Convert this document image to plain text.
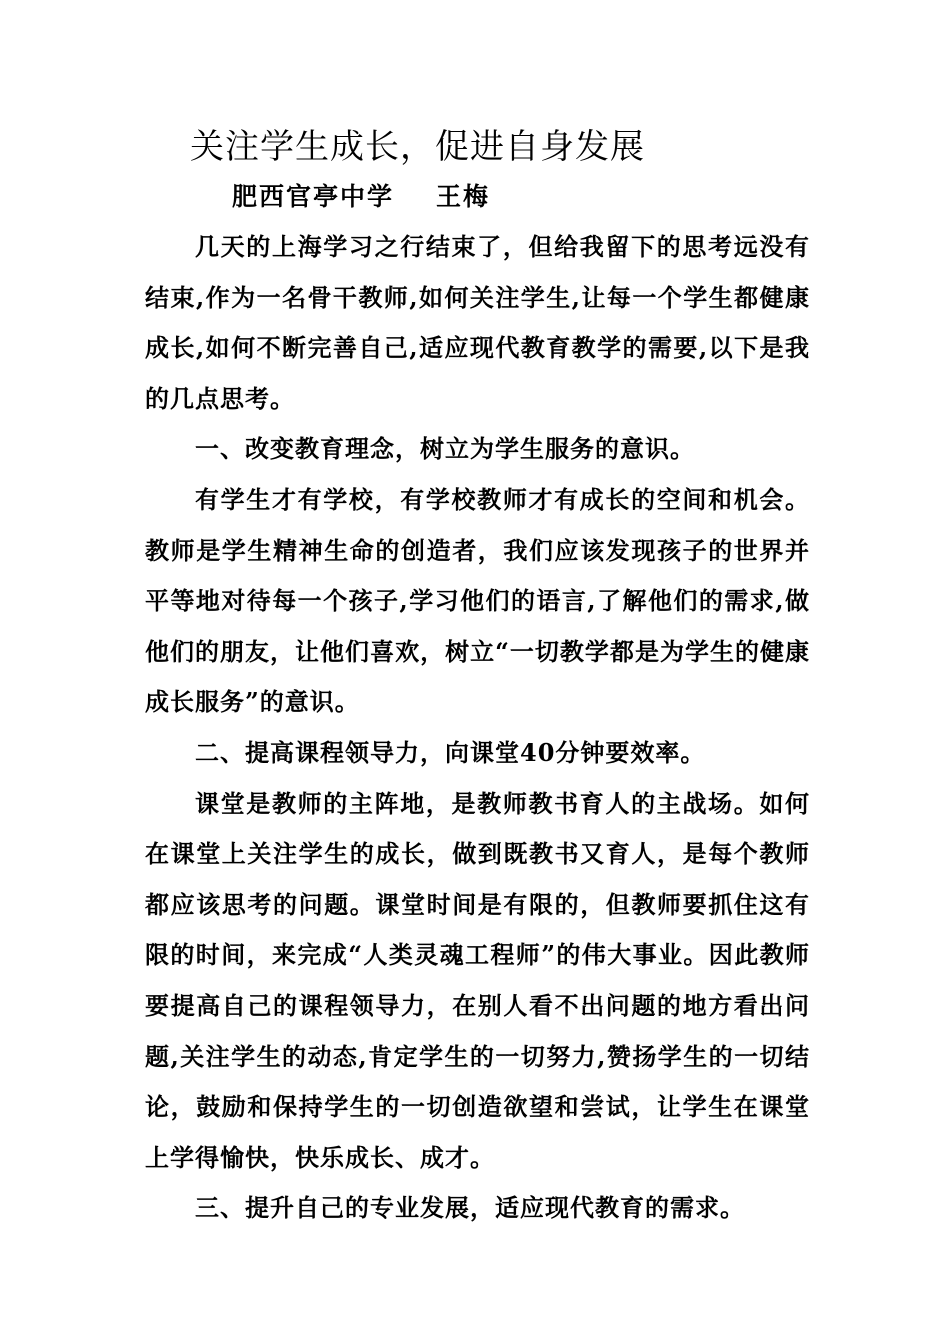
关注学生成长，促进自身发展
肥西官亭中学 王梅

几天的上海学习之行结束了，但给我留下的思考远没有结束,作为一名骨干教师,如何关注学生,让每一个学生都健康成长,如何不断完善自己,适应现代教育教学的需要,以下是我的几点思考。

一、改变教育理念，树立为学生服务的意识。

有学生才有学校，有学校教师才有成长的空间和机会。教师是学生精神生命的创造者，我们应该发现孩子的世界并平等地对待每一个孩子,学习他们的语言,了解他们的需求,做他们的朋友，让他们喜欢，树立“一切教学都是为学生的健康成长服务”的意识。

二、提高课程领导力，向课堂40分钟要效率。

课堂是教师的主阵地，是教师教书育人的主战场。如何在课堂上关注学生的成长，做到既教书又育人，是每个教师都应该思考的问题。课堂时间是有限的，但教师要抓住这有限的时间，来完成“人类灵魂工程师”的伟大事业。因此教师要提高自己的课程领导力，在别人看不出问题的地方看出问题,关注学生的动态,肯定学生的一切努力,赞扬学生的一切结论，鼓励和保持学生的一切创造欲望和尝试，让学生在课堂上学得愉快，快乐成长、成才。

三、提升自己的专业发展，适应现代教育的需求。
